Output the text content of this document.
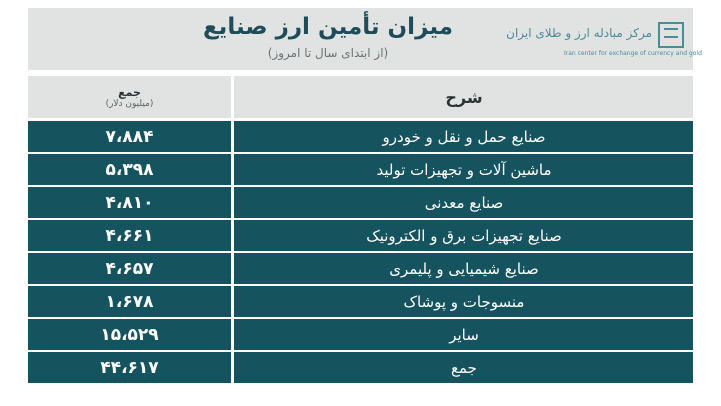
میزان تأمین ارز صنایع
(از ابتدای سال تا امروز)
مرکز مبادله ارز و طلای ایران
Iran center for exchange of currency and gold
شرح
جمع
(میلیون دلار)
صنایع حمل و نقل و خودرو
۷،۸۸۴
ماشین آلات و تجهیزات تولید
۵،۳۹۸
صنایع معدنی
۴،۸۱۰
صنایع تجهیزات برق و الکترونیک
۴،۶۶۱
صنایع شیمیایی و پلیمری
۴،۶۵۷
منسوجات و پوشاک
۱،۶۷۸
سایر
۱۵،۵۲۹
جمع
۴۴،۶۱۷
